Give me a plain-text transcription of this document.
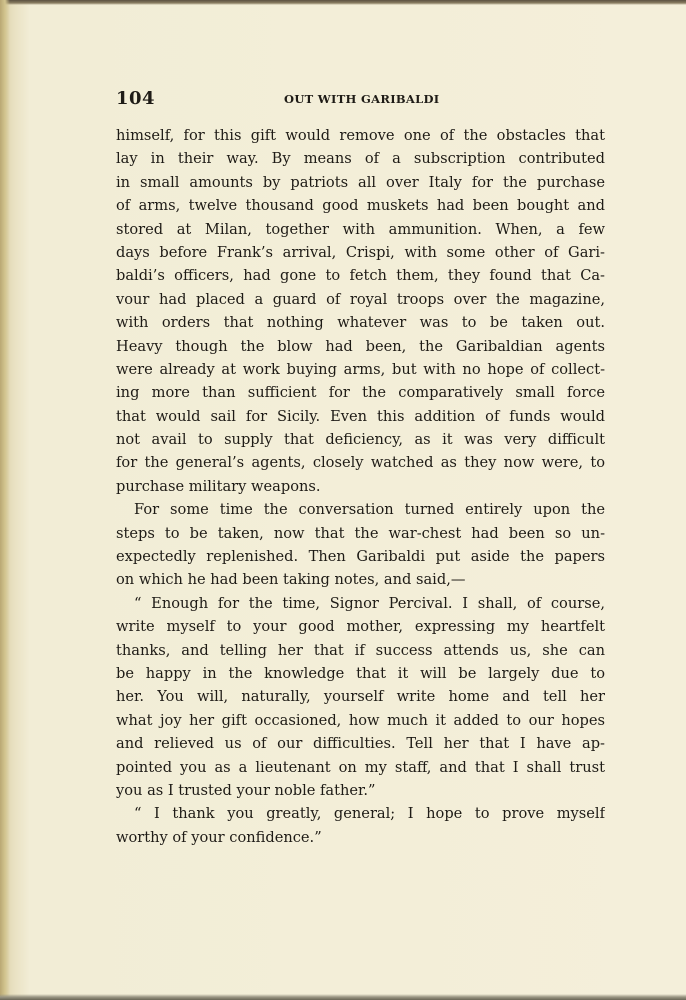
104	OUT WITH GARIBALDI
himself, for this gift would remove one of the obstacles that
lay in their way. By means of a subscription contributed
in small amounts by patriots all over Italy for the purchase
of arms, twelve thousand good muskets had been bought and
stored at Milan, together with ammunition. When, a few
days before Frank’s arrival, Crispi, with some other of Gari-
baldi’s officers, had gone to fetch them, they found that Ca-
vour had placed a guard of royal troops over the magazine,
with orders that nothing whatever was to be taken out.
Heavy though the blow had been, the Garibaldian agents
were already at work buying arms, but with no hope of collect-
ing more than sufficient for the comparatively small force
that would sail for Sicily. Even this addition of funds would
not avail to supply that deficiency, as it was very difficult
for the general’s agents, closely watched as they now were, to
purchase military weapons.
For some time the conversation turned entirely upon the
steps to be taken, now that the war-chest had been so un-
expectedly replenished. Then Garibaldi put aside the papers
on which he had been taking notes, and said,—
“ Enough for the time, Signor Percival. I shall, of course,
write myself to your good mother, expressing my heartfelt
thanks, and telling her that if success attends us, she can
be happy in the knowledge that it will be largely due to
her. You will, naturally, yourself write home and tell her
what joy her gift occasioned, how much it added to our hopes
and relieved us of our difficulties. Tell her that I have ap-
pointed you as a lieutenant on my staff, and that I shall trust
you as I trusted your noble father.”
“ I thank you greatly, general; I hope to prove myself
worthy of your confidence.”
